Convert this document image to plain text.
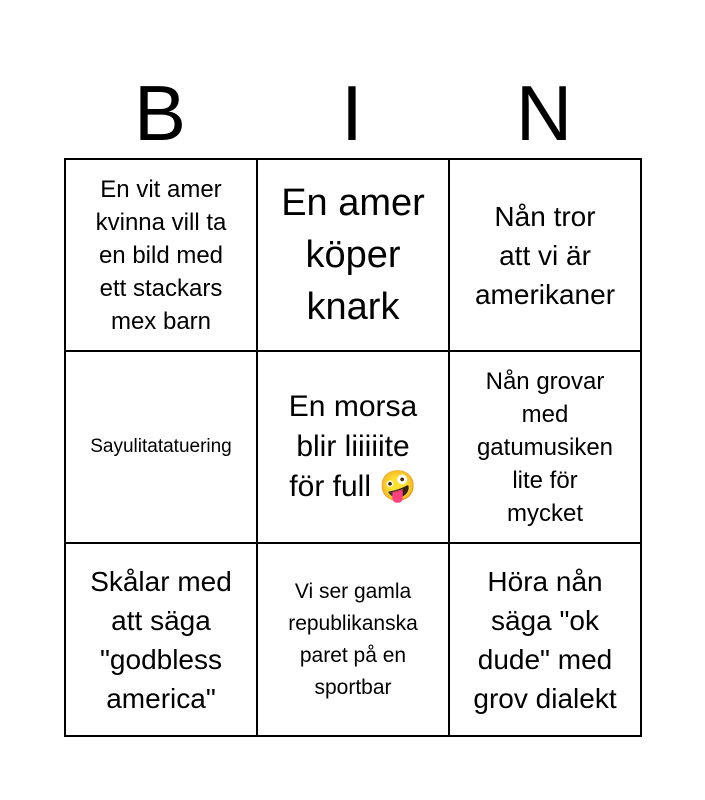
B	I	N
En vit amer
kvinna vill ta
en bild med
ett stackars
mex barn
En amer
köper
knark
Nån tror
att vi är
amerikaner
Sayulitatatuering
En morsa
blir liiiiite
för full 🤪
Nån grovar
med
gatumusiken
lite för
mycket
Skålar med
att säga
"godbless
america"
Vi ser gamla
republikanska
paret på en
sportbar
Höra nån
säga "ok
dude" med
grov dialekt
